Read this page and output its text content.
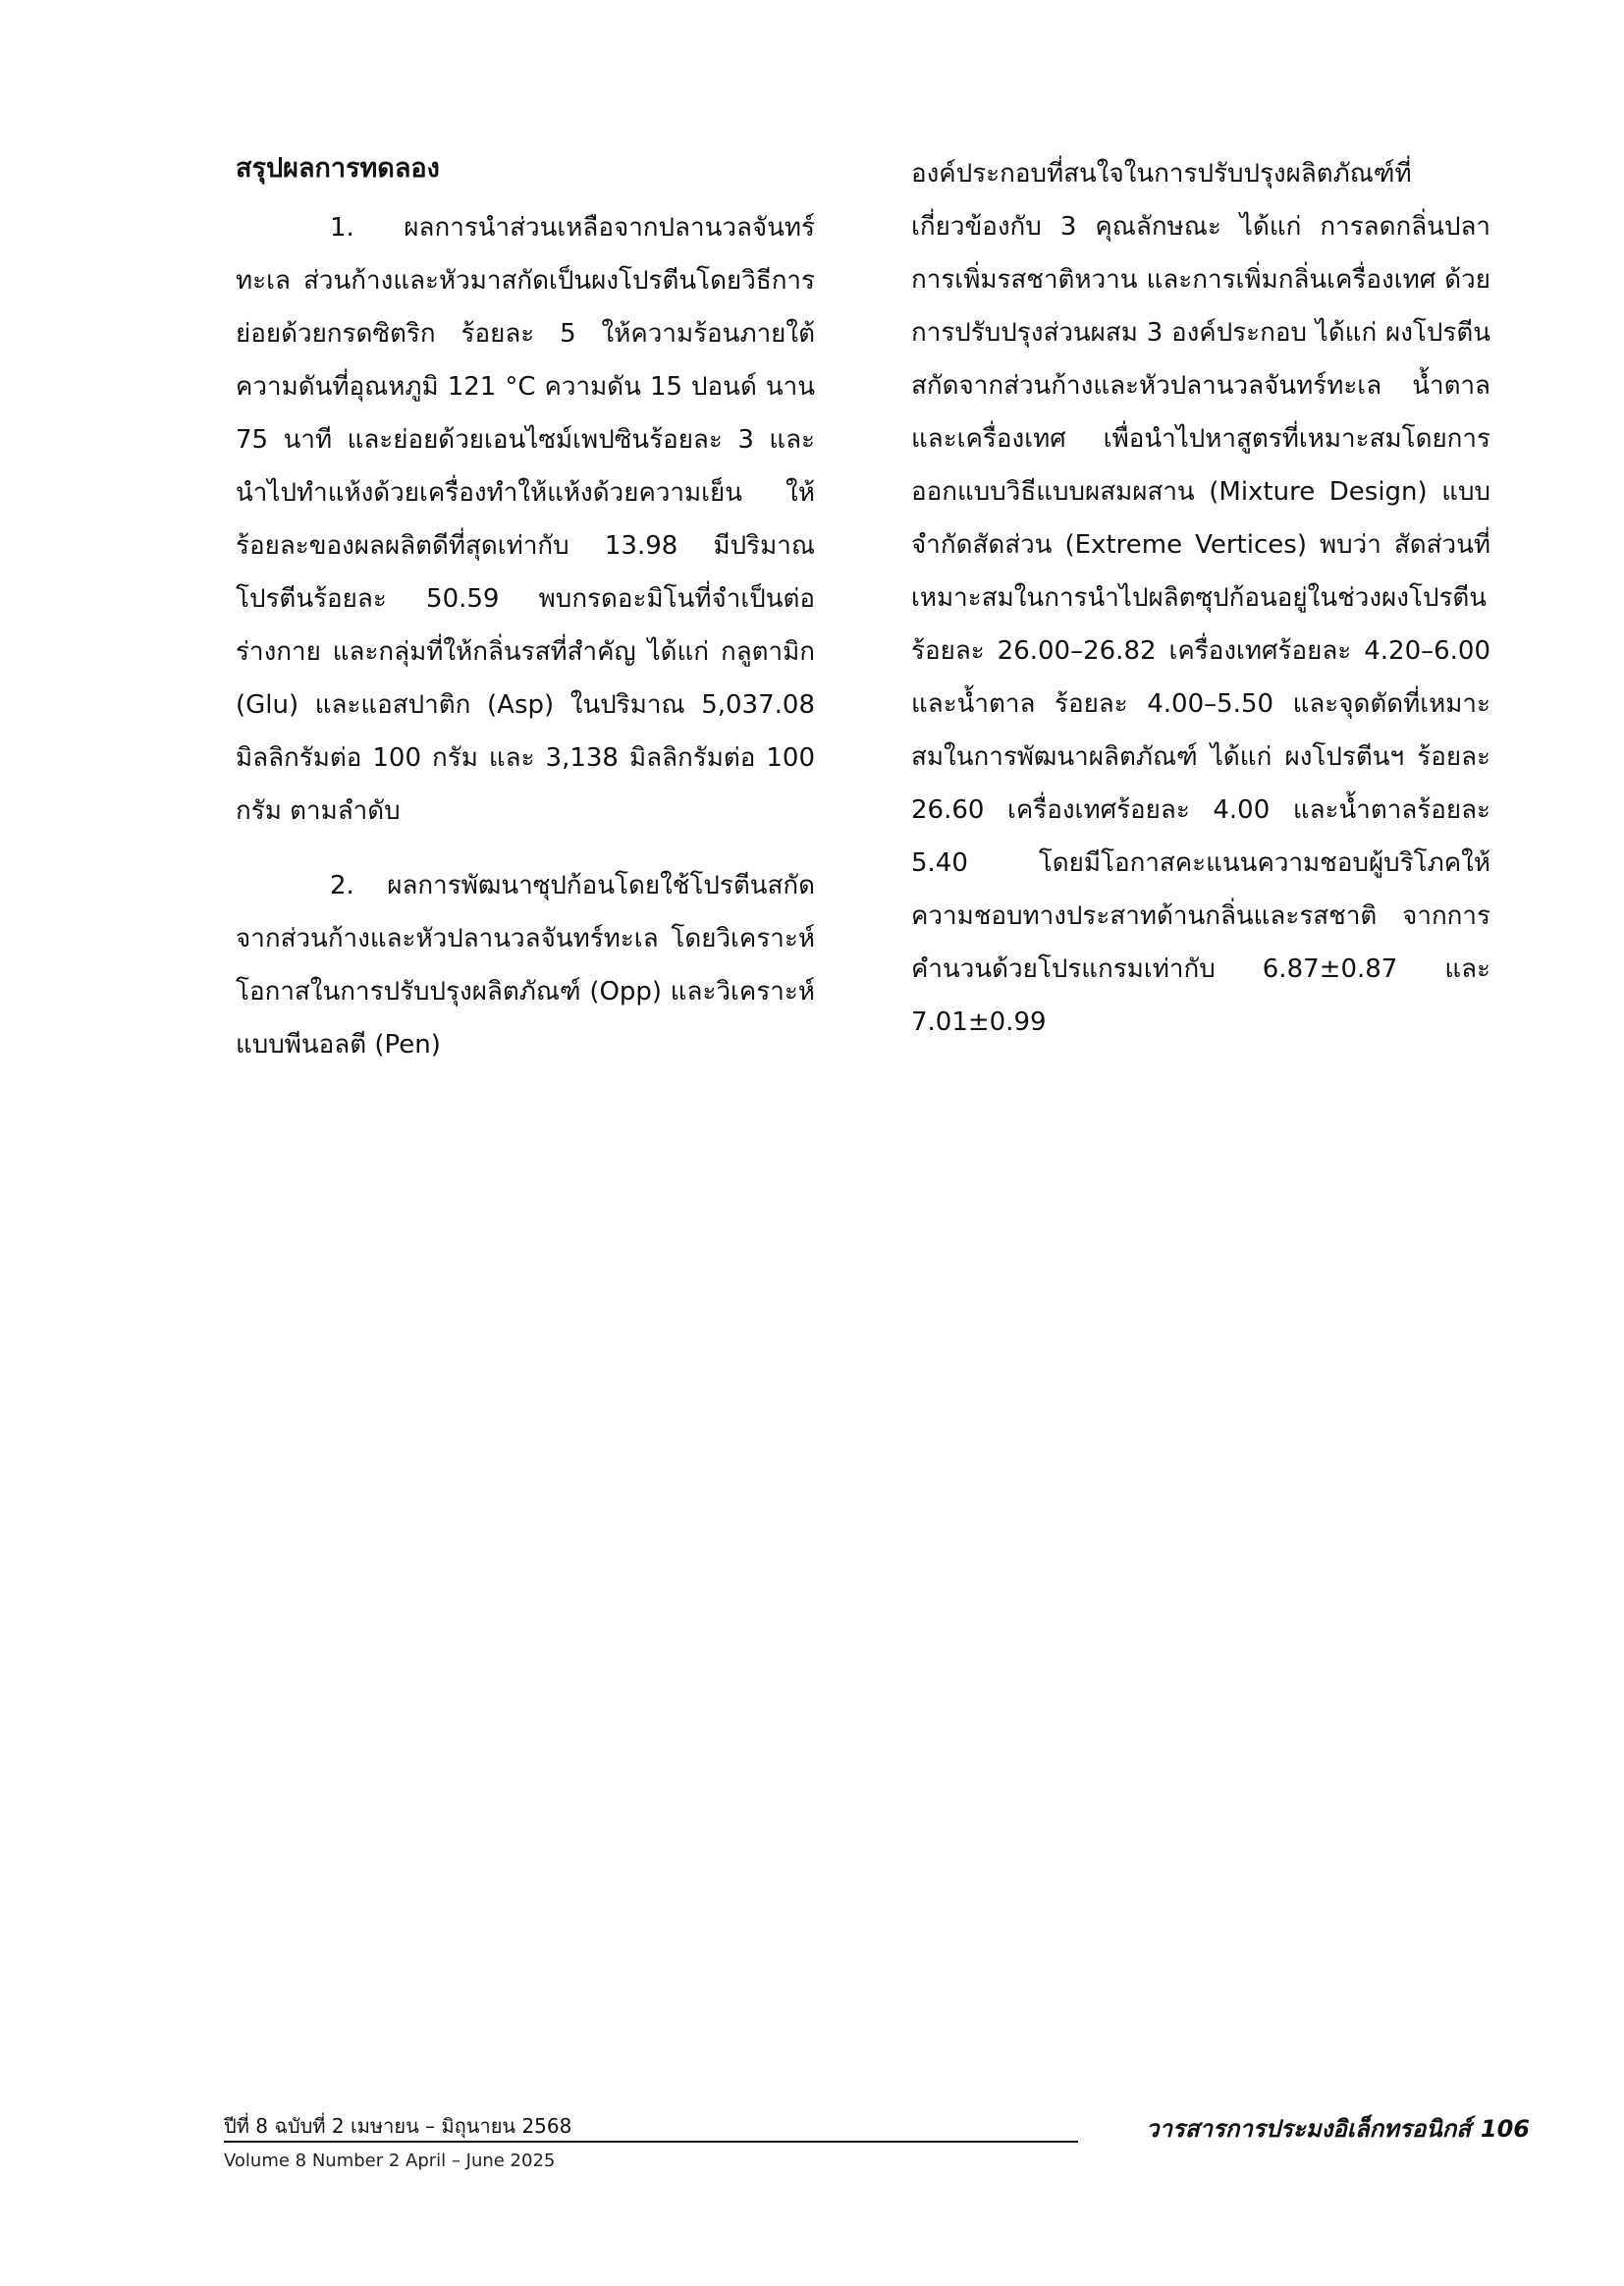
สรุปผลการทดลอง

1. ผลการนำส่วนเหลือจากปลานวลจันทร์ทะเล ส่วนก้างและหัวมาสกัดเป็นผงโปรตีนโดยวิธีการย่อยด้วยกรดซิตริก ร้อยละ 5 ให้ความร้อนภายใต้ความดันที่อุณหภูมิ 121 °C ความดัน 15 ปอนด์ นาน 75 นาที และย่อยด้วยเอนไซม์เพปซินร้อยละ 3 และนำไปทำแห้งด้วยเครื่องทำให้แห้งด้วยความเย็น ให้ร้อยละของผลผลิตดีที่สุดเท่ากับ 13.98 มีปริมาณโปรตีนร้อยละ 50.59 พบกรดอะมิโนที่จำเป็นต่อร่างกาย และกลุ่มที่ให้กลิ่นรสที่สำคัญ ได้แก่ กลูตามิก (Glu) และแอสปาติก (Asp) ในปริมาณ 5,037.08 มิลลิกรัมต่อ 100 กรัม และ 3,138 มิลลิกรัมต่อ 100 กรัม ตามลำดับ

2. ผลการพัฒนาซุปก้อนโดยใช้โปรตีนสกัดจากส่วนก้างและหัวปลานวลจันทร์ทะเล โดยวิเคราะห์โอกาสในการปรับปรุงผลิตภัณฑ์ (Opp) และวิเคราะห์แบบพีนอลตี (Pen)

องค์ประกอบที่สนใจในการปรับปรุงผลิตภัณฑ์ที่เกี่ยวข้องกับ 3 คุณลักษณะ ได้แก่ การลดกลิ่นปลา การเพิ่มรสชาติหวาน และการเพิ่มกลิ่นเครื่องเทศ ด้วยการปรับปรุงส่วนผสม 3 องค์ประกอบ ได้แก่ ผงโปรตีนสกัดจากส่วนก้างและหัวปลานวลจันทร์ทะเล น้ำตาล และเครื่องเทศ เพื่อนำไปหาสูตรที่เหมาะสมโดยการออกแบบวิธีแบบผสมผสาน (Mixture Design) แบบจำกัดสัดส่วน (Extreme Vertices) พบว่า สัดส่วนที่เหมาะสมในการนำไปผลิตซุปก้อนอยู่ในช่วงผงโปรตีนร้อยละ 26.00–26.82 เครื่องเทศร้อยละ 4.20–6.00 และน้ำตาล ร้อยละ 4.00–5.50 และจุดตัดที่เหมาะสมในการพัฒนาผลิตภัณฑ์ ได้แก่ ผงโปรตีนฯ ร้อยละ 26.60 เครื่องเทศร้อยละ 4.00 และน้ำตาลร้อยละ 5.40 โดยมีโอกาสคะแนนความชอบผู้บริโภคให้ความชอบทางประสาทด้านกลิ่นและรสชาติ จากการคำนวนด้วยโปรแกรมเท่ากับ 6.87±0.87 และ 7.01±0.99

ปีที่ 8 ฉบับที่ 2 เมษายน – มิถุนายน 2568
Volume 8 Number 2 April – June 2025
วารสารการประมงอิเล็กทรอนิกส์ 106
